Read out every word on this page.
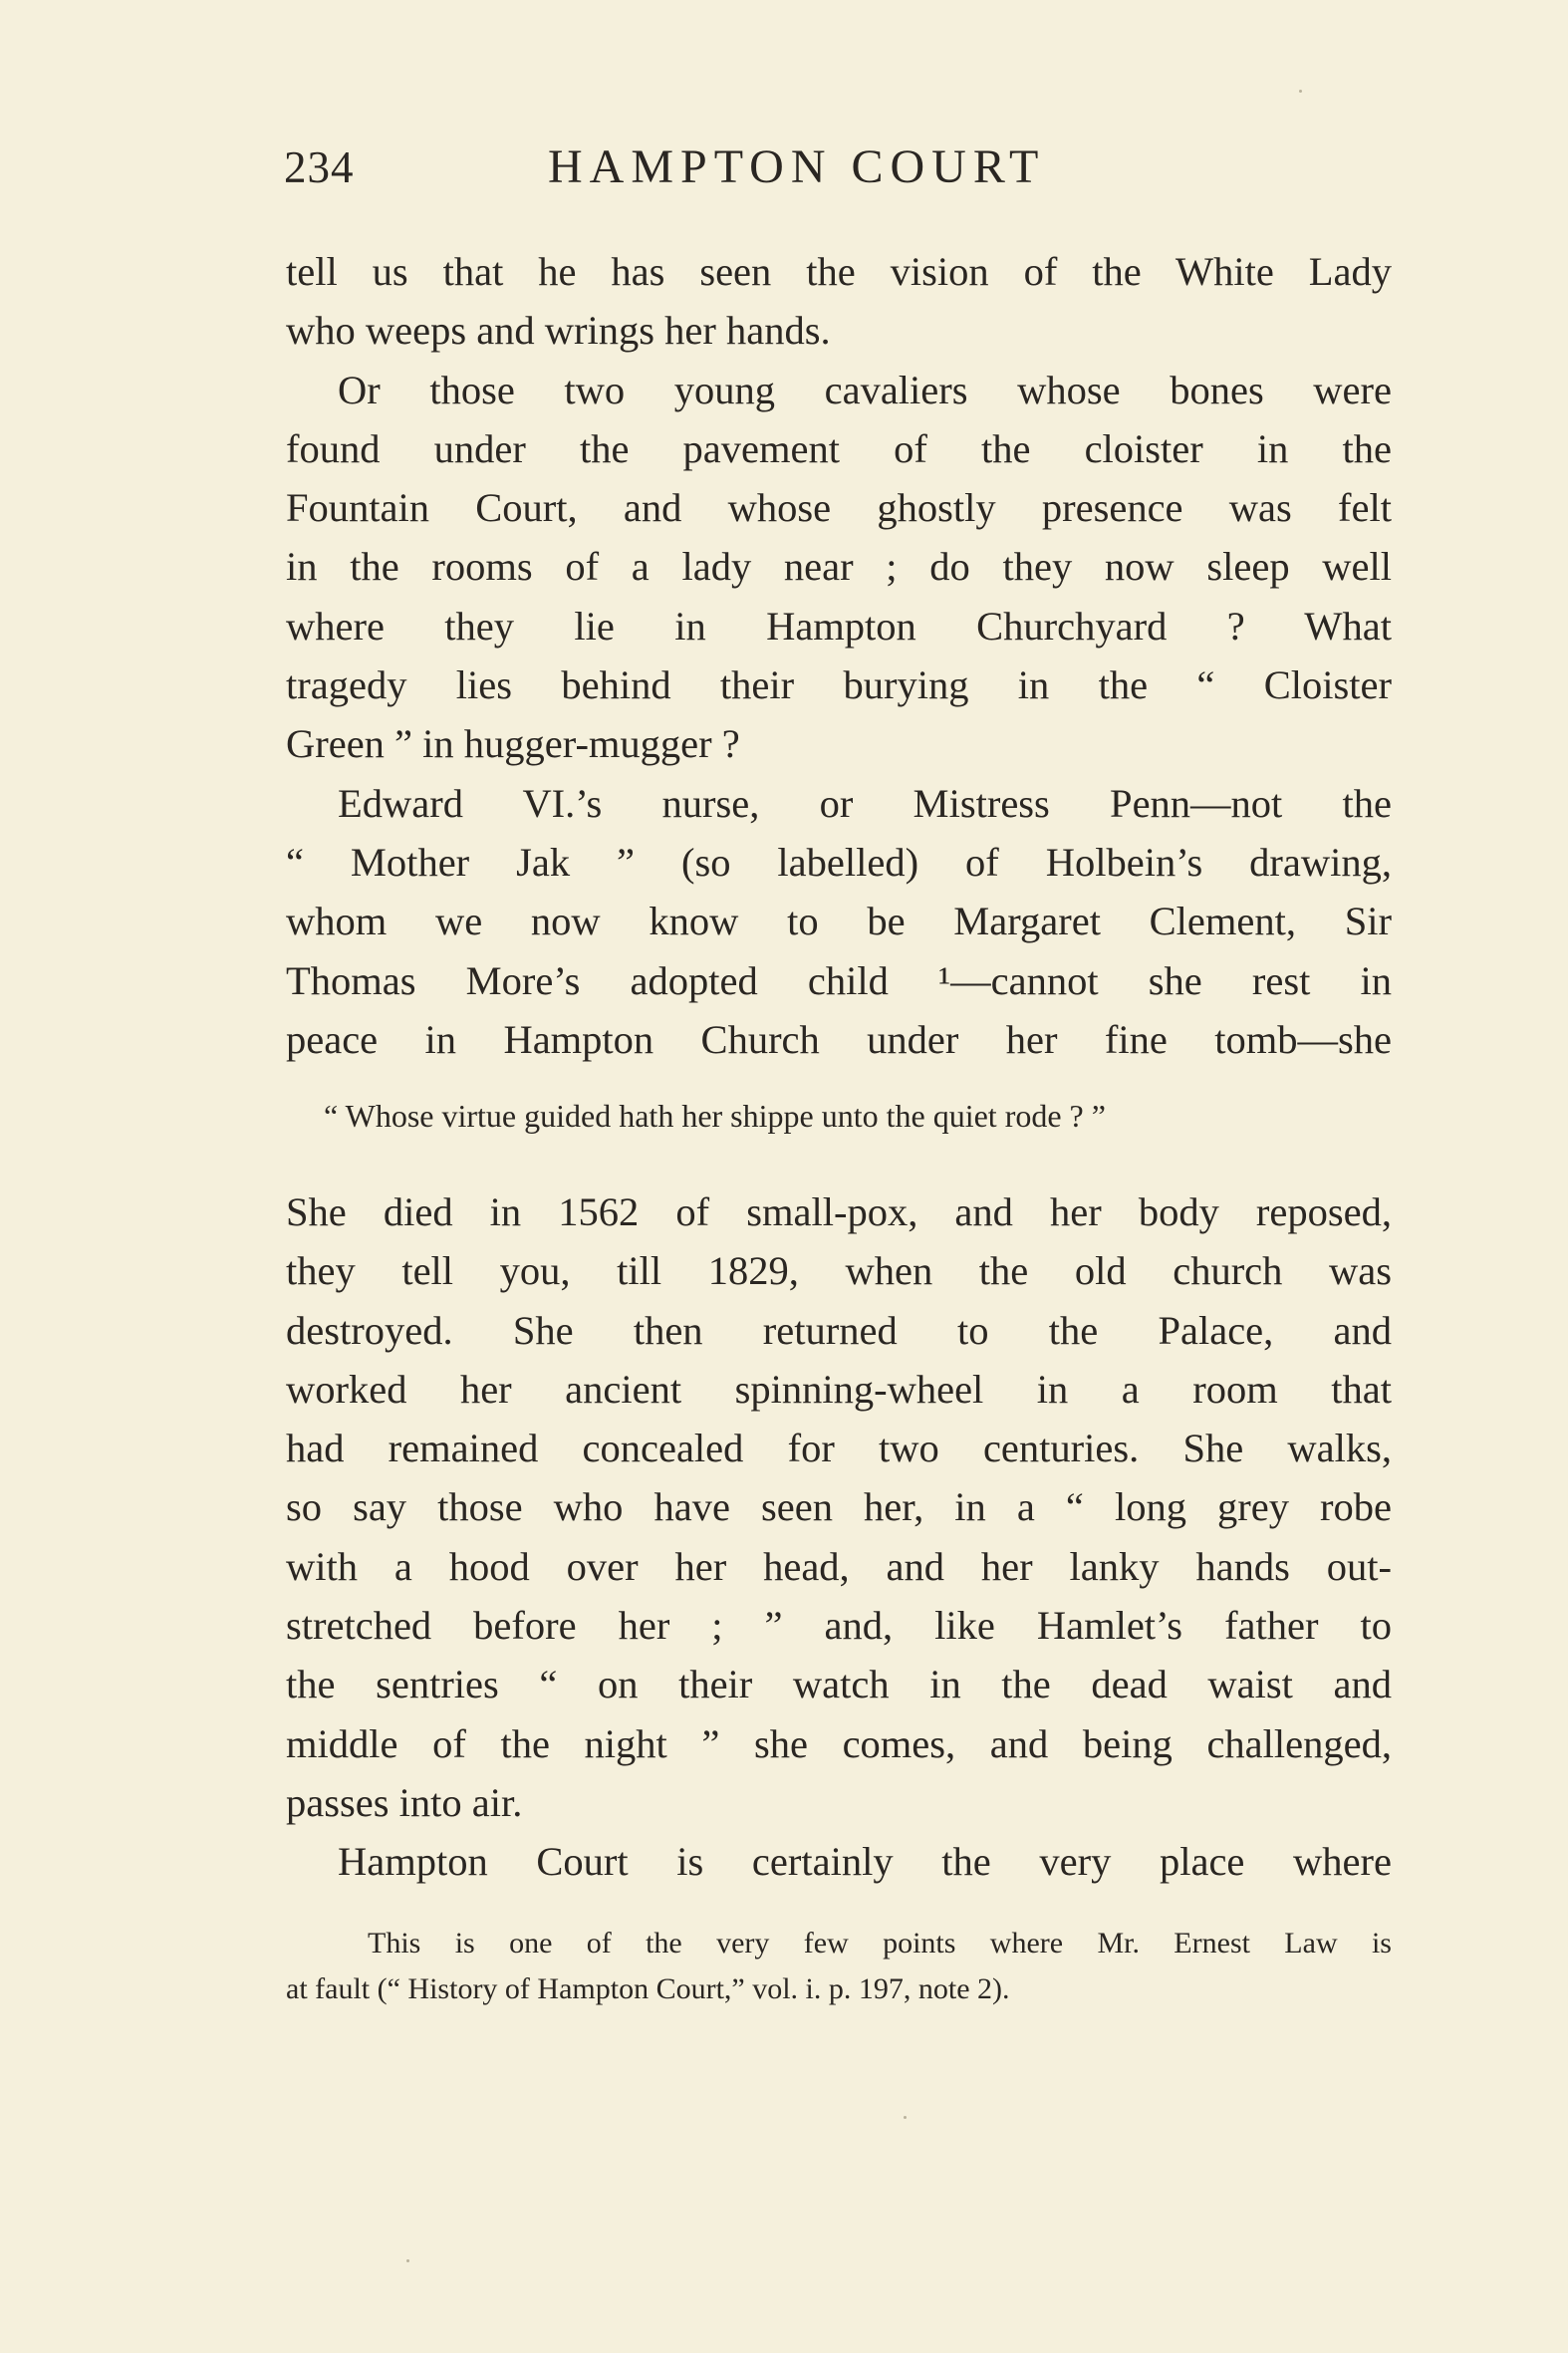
234	HAMPTON COURT
tell us that he has seen the vision of the White Lady
who weeps and wrings her hands.
Or those two young cavaliers whose bones were
found under the pavement of the cloister in the
Fountain Court, and whose ghostly presence was felt
in the rooms of a lady near ; do they now sleep well
where they lie in Hampton Churchyard ? What
tragedy lies behind their burying in the “ Cloister
Green ” in hugger-mugger ?
Edward VI.’s nurse, or Mistress Penn—not the
“ Mother Jak ” (so labelled) of Holbein’s drawing,
whom we now know to be Margaret Clement, Sir
Thomas More’s adopted child ¹—cannot she rest in
peace in Hampton Church under her fine tomb—she
“ Whose virtue guided hath her shippe unto the quiet rode ? ”
She died in 1562 of small-pox, and her body reposed,
they tell you, till 1829, when the old church was
destroyed. She then returned to the Palace, and
worked her ancient spinning-wheel in a room that
had remained concealed for two centuries. She walks,
so say those who have seen her, in a “ long grey robe
with a hood over her head, and her lanky hands out-
stretched before her ; ” and, like Hamlet’s father to
the sentries “ on their watch in the dead waist and
middle of the night ” she comes, and being challenged,
passes into air.
Hampton Court is certainly the very place where
This is one of the very few points where Mr. Ernest Law is
at fault (“ History of Hampton Court,” vol. i. p. 197, note 2).
